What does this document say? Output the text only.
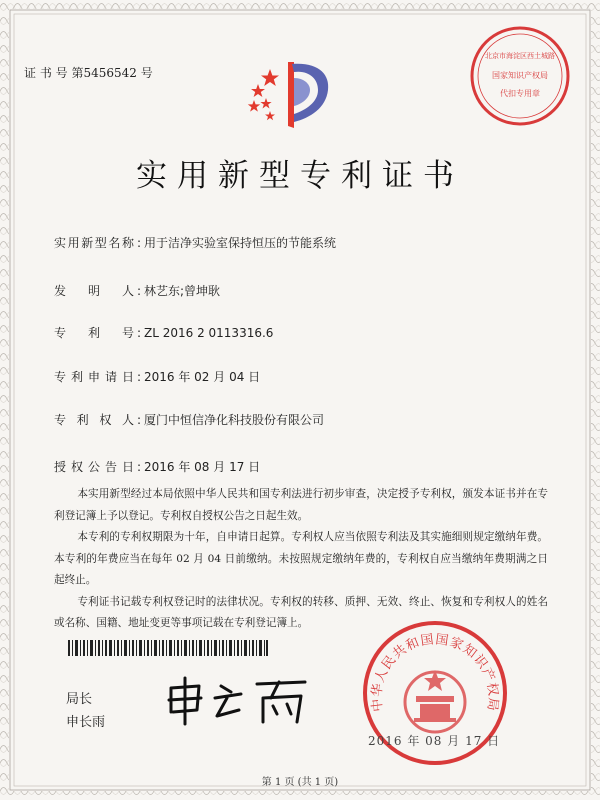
证 书 号 第5456542 号
北京市海淀区西土城路
国家知识产权局
代扣专用章
实用新型专利证书
实用新型名称 : 用于洁净实验室保持恒压的节能系统
发明人 : 林艺东;曾坤耿
专利号 : ZL 2016 2 0113316.6
专利申请日 : 2016 年 02 月 04 日
专利权人 : 厦门中恒信净化科技股份有限公司
授权公告日 : 2016 年 08 月 17 日

本实用新型经过本局依照中华人民共和国专利法进行初步审查，决定授予专利权，颁发本证书并在专利登记簿上予以登记。专利权自授权公告之日起生效。

本专利的专利权期限为十年，自申请日起算。专利权人应当依照专利法及其实施细则规定缴纳年费。本专利的年费应当在每年 02 月 04 日前缴纳。未按照规定缴纳年费的，专利权自应当缴纳年费期满之日起终止。

专利证书记载专利权登记时的法律状况。专利权的转移、质押、无效、终止、恢复和专利权人的姓名或名称、国籍、地址变更等事项记载在专利登记簿上。

局长
申长雨
中华人民共和国国家知识产权局
2016 年 08 月 17 日
第 1 页 (共 1 页)
